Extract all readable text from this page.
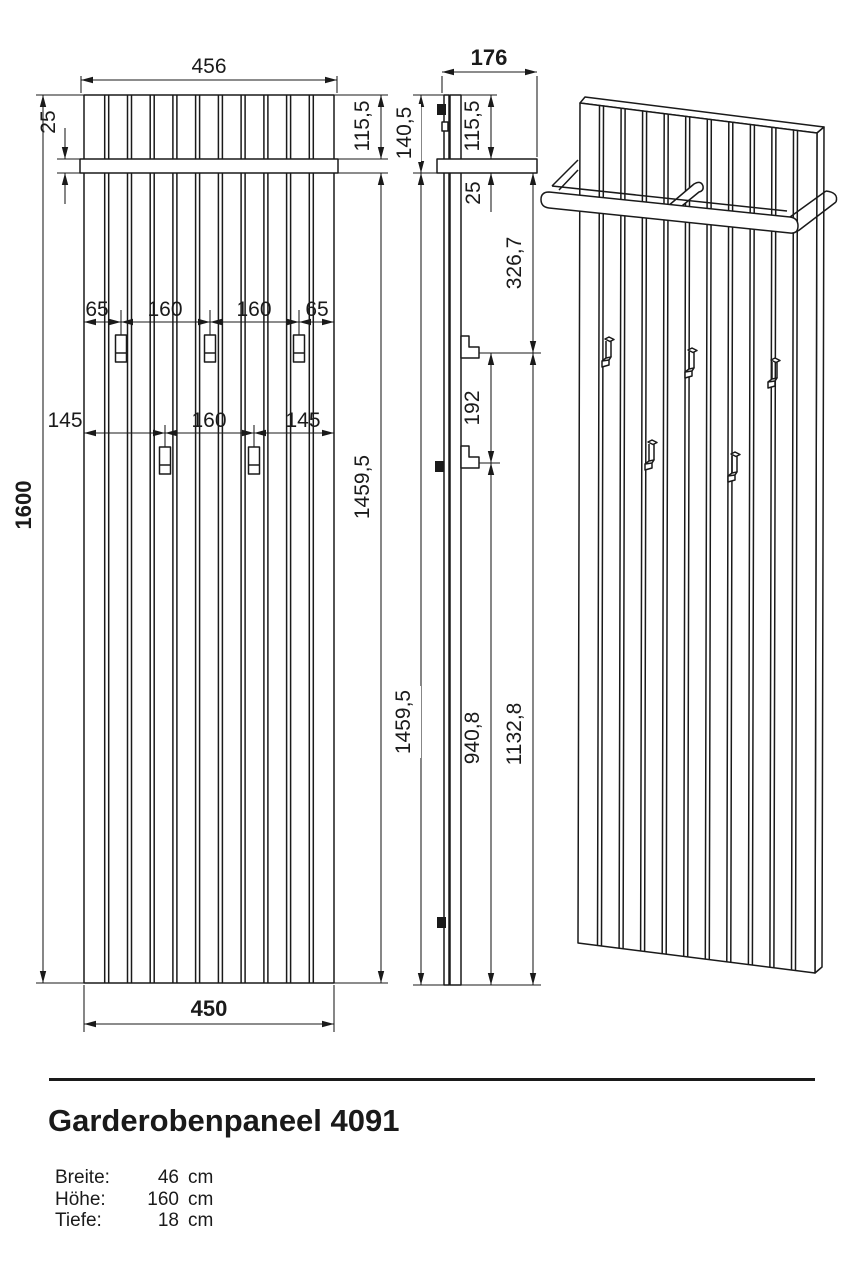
456
1600
25	115,5
1459,5
65 160	160 65
145	160	145
450
176
140,5 115,5
25
326,7
192
940,8 1132,8
1459,5
Garderobenpaneel 4091
Breite:	46 cm
Höhe:	160 cm
Tiefe:	18 cm
